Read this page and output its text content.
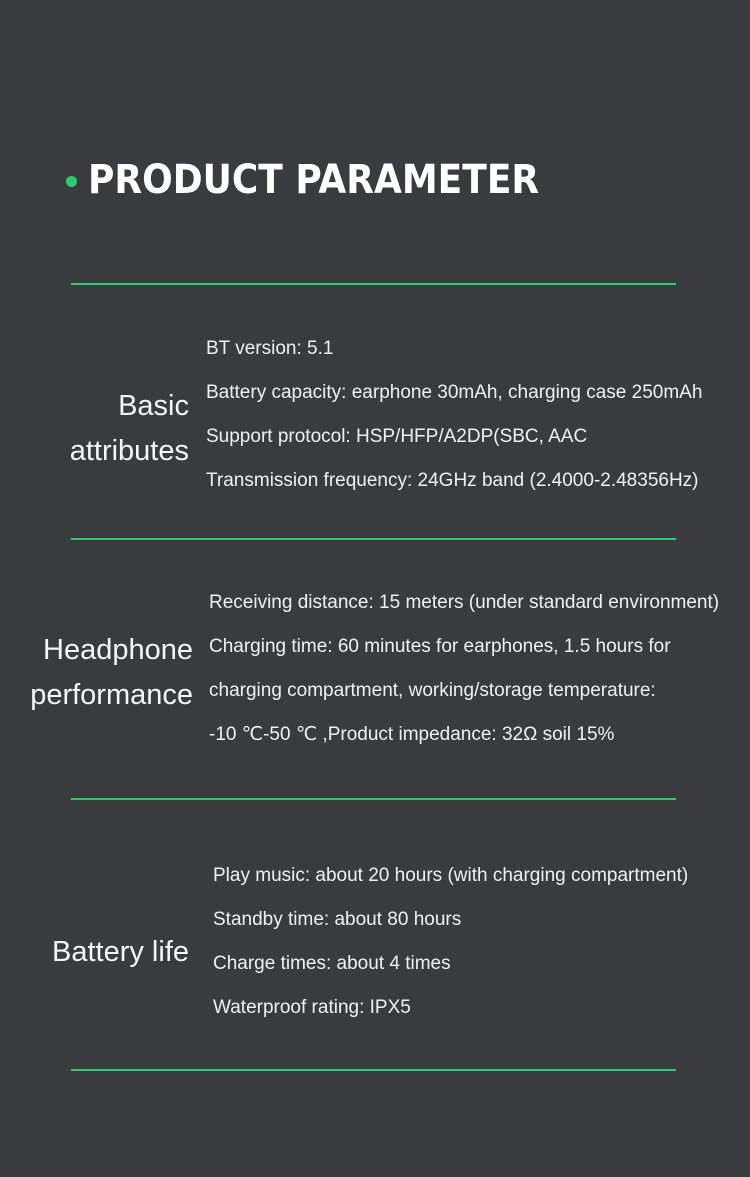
PRODUCT PARAMETER
Basic
attributes
BT version: 5.1
Battery capacity: earphone 30mAh, charging case 250mAh
Support protocol: HSP/HFP/A2DP(SBC, AAC
Transmission frequency: 24GHz band (2.4000-2.48356Hz)
Headphone
performance
Receiving distance: 15 meters (under standard environment)
Charging time: 60 minutes for earphones, 1.5 hours for
charging compartment, working/storage temperature:
-10 ℃-50 ℃ ,Product impedance: 32Ω soil 15%
Battery life
Play music: about 20 hours (with charging compartment)
Standby time: about 80 hours
Charge times: about 4 times
Waterproof rating: IPX5
